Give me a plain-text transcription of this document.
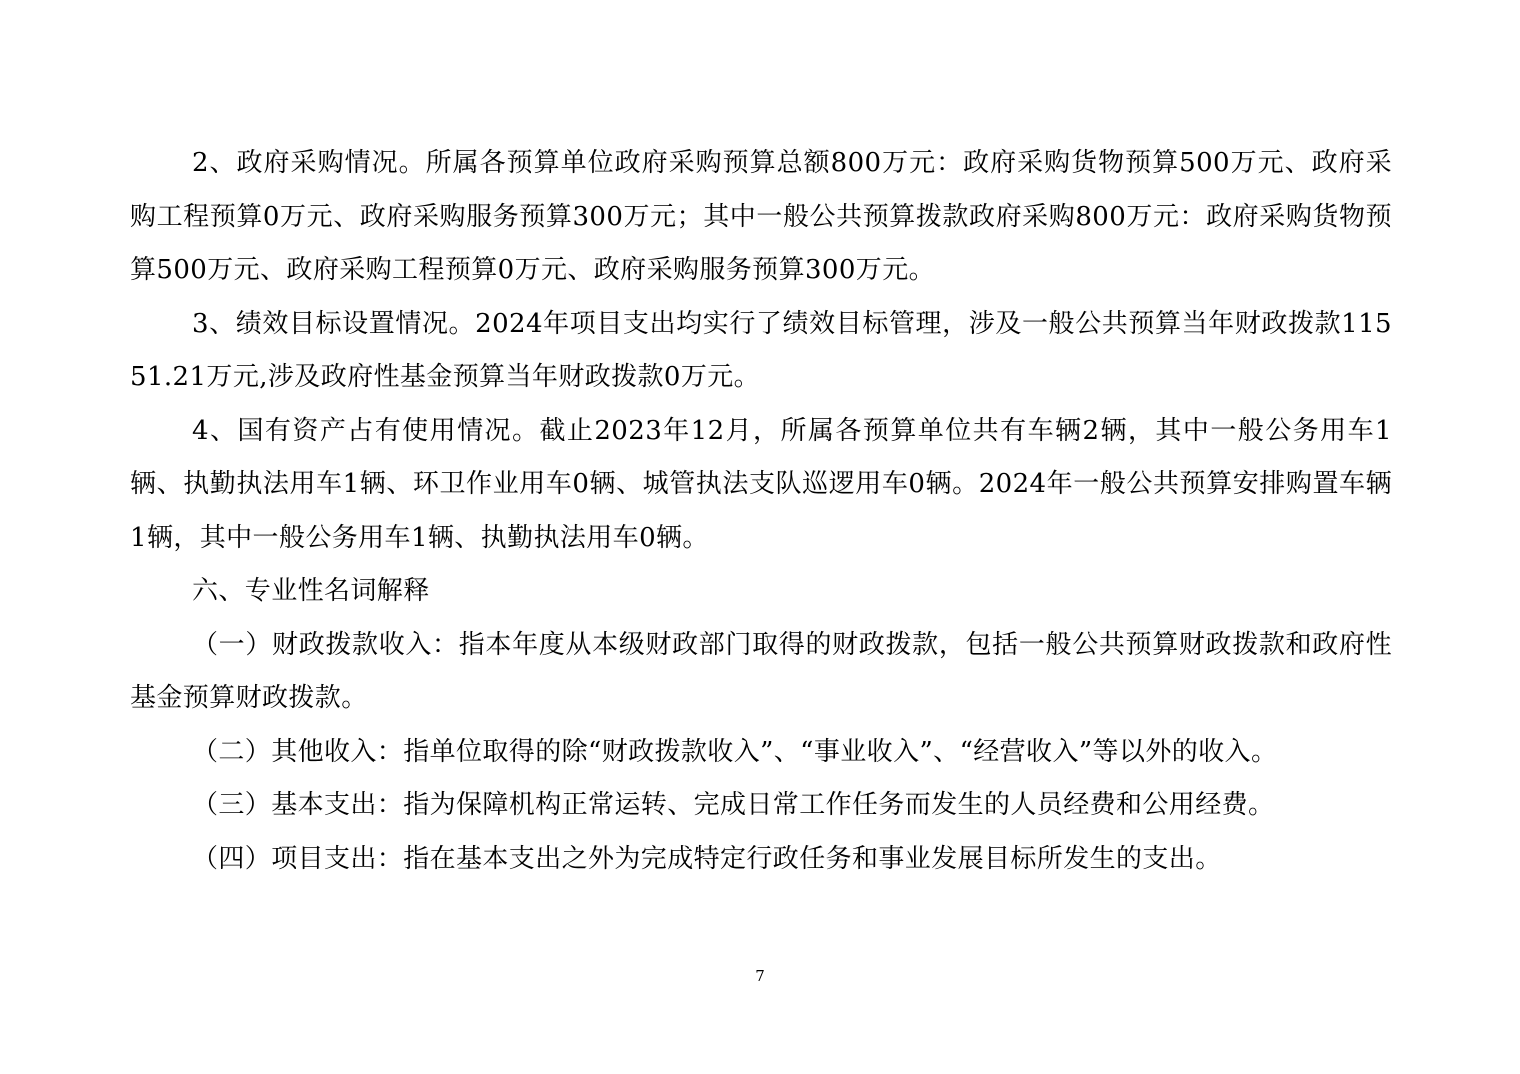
2、政府采购情况。所属各预算单位政府采购预算总额800万元：政府采购货物预算500万元、政府采购工程预算0万元、政府采购服务预算300万元；其中一般公共预算拨款政府采购800万元：政府采购货物预算500万元、政府采购工程预算0万元、政府采购服务预算300万元。

3、绩效目标设置情况。2024年项目支出均实行了绩效目标管理，涉及一般公共预算当年财政拨款11551.21万元,涉及政府性基金预算当年财政拨款0万元。

4、国有资产占有使用情况。截止2023年12月，所属各预算单位共有车辆2辆，其中一般公务用车1辆、执勤执法用车1辆、环卫作业用车0辆、城管执法支队巡逻用车0辆。2024年一般公共预算安排购置车辆1辆，其中一般公务用车1辆、执勤执法用车0辆。

六、专业性名词解释

（一）财政拨款收入：指本年度从本级财政部门取得的财政拨款，包括一般公共预算财政拨款和政府性基金预算财政拨款。

（二）其他收入：指单位取得的除“财政拨款收入”、“事业收入”、“经营收入”等以外的收入。

（三）基本支出：指为保障机构正常运转、完成日常工作任务而发生的人员经费和公用经费。

（四）项目支出：指在基本支出之外为完成特定行政任务和事业发展目标所发生的支出。

7
